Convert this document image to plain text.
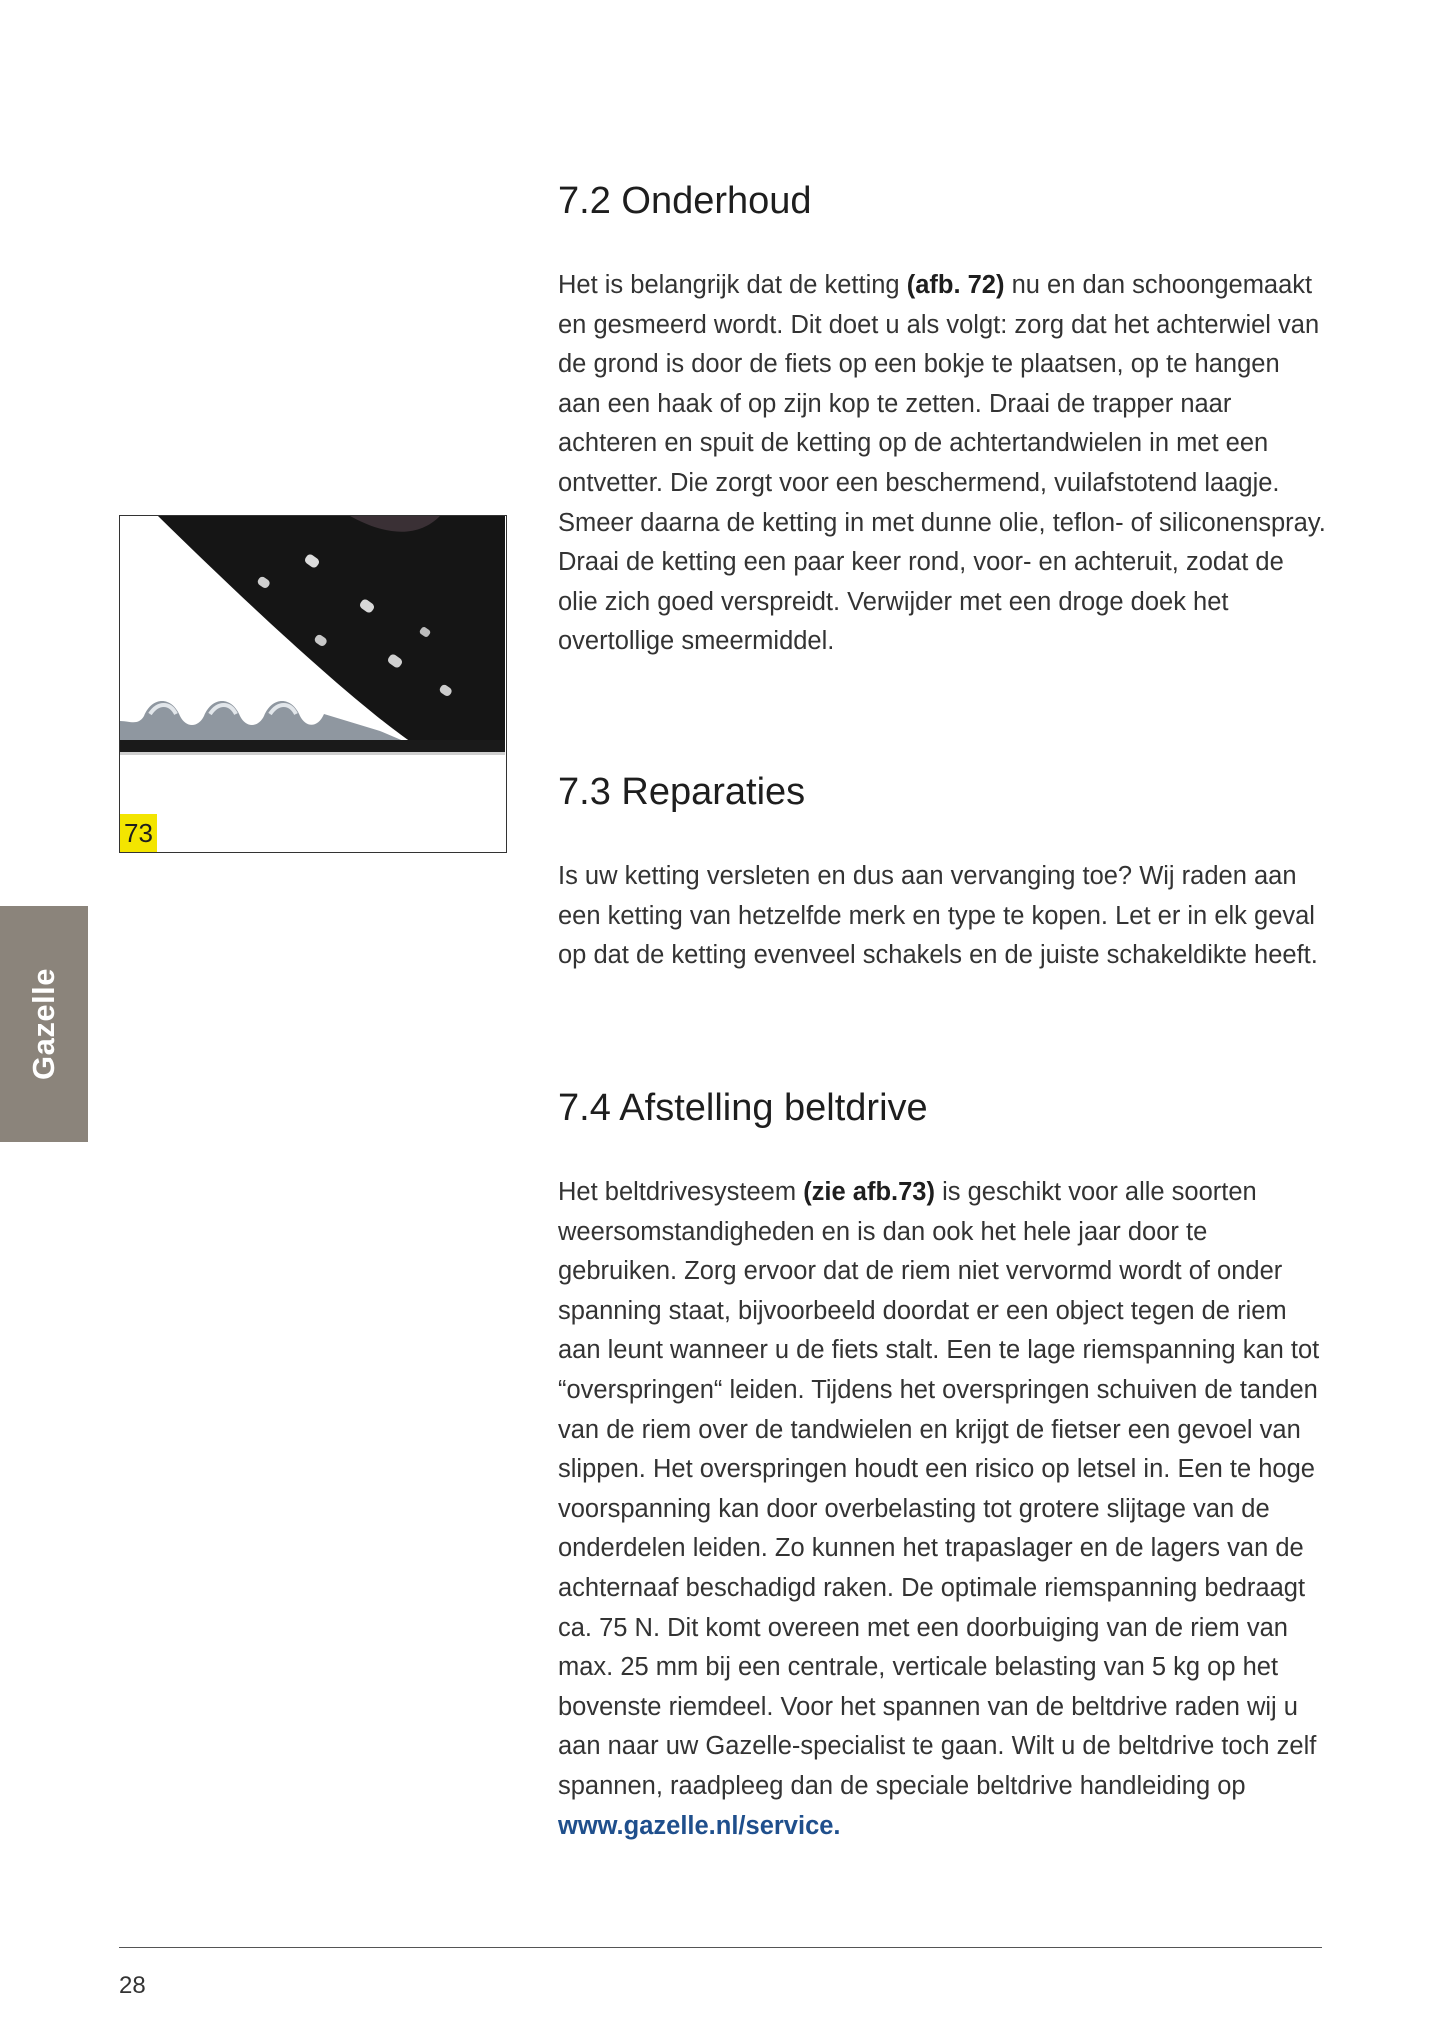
7.2 Onderhoud

Het is belangrijk dat de ketting (afb. 72) nu en dan schoongemaakt en gesmeerd wordt. Dit doet u als volgt: zorg dat het achterwiel van de grond is door de fiets op een bokje te plaatsen, op te hangen aan een haak of op zijn kop te zetten. Draai de trapper naar achteren en spuit de ketting op de achtertandwielen in met een ontvetter. Die zorgt voor een beschermend, vuilafstotend laagje. Smeer daarna de ketting in met dunne olie, teflon- of siliconenspray. Draai de ketting een paar keer rond, voor- en achteruit, zodat de olie zich goed verspreidt. Verwijder met een droge doek het overtollige smeermiddel.

7.3 Reparaties

Is uw ketting versleten en dus aan vervanging toe? Wij raden aan een ketting van hetzelfde merk en type te kopen. Let er in elk geval op dat de ketting evenveel schakels en de juiste schakeldikte heeft.

7.4 Afstelling beltdrive

Het beltdrivesysteem (zie afb.73) is geschikt voor alle soorten weersomstandigheden en is dan ook het hele jaar door te gebruiken. Zorg ervoor dat de riem niet vervormd wordt of onder spanning staat, bijvoorbeeld doordat er een object tegen de riem aan leunt wanneer u de fiets stalt. Een te lage riemspanning kan tot “overspringen“ leiden. Tijdens het overspringen schuiven de tanden van de riem over de tandwielen en krijgt de fietser een gevoel van slippen. Het overspringen houdt een risico op letsel in. Een te hoge voorspanning kan door overbelasting tot grotere slijtage van de onderdelen leiden. Zo kunnen het trapaslager en de lagers van de achternaaf beschadigd raken. De optimale riemspanning bedraagt ca. 75 N. Dit komt overeen met een doorbuiging van de riem van max. 25 mm bij een centrale, verticale belasting van 5 kg op het bovenste riemdeel. Voor het spannen van de beltdrive raden wij u aan naar uw Gazelle-specialist te gaan. Wilt u de beltdrive toch zelf spannen, raadpleeg dan de speciale beltdrive handleiding op www.gazelle.nl/service.

73
Gazelle
28
